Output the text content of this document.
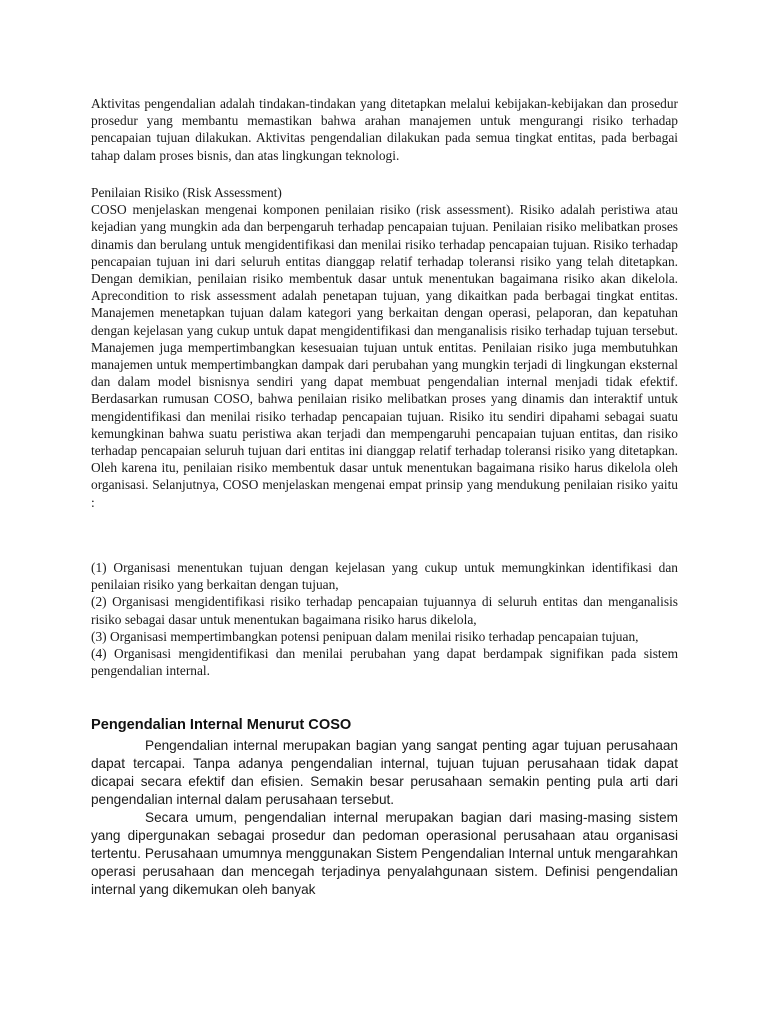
Aktivitas pengendalian adalah tindakan-tindakan yang ditetapkan melalui kebijakan-kebijakan dan prosedur prosedur yang membantu memastikan bahwa arahan manajemen untuk mengurangi risiko terhadap pencapaian tujuan dilakukan. Aktivitas pengendalian dilakukan pada semua tingkat entitas, pada berbagai tahap dalam proses bisnis, dan atas lingkungan teknologi.

Penilaian Risiko (Risk Assessment)
COSO menjelaskan mengenai komponen penilaian risiko (risk assessment). Risiko adalah peristiwa atau kejadian yang mungkin ada dan berpengaruh terhadap pencapaian tujuan. Penilaian risiko melibatkan proses dinamis dan berulang untuk mengidentifikasi dan menilai risiko terhadap pencapaian tujuan. Risiko terhadap pencapaian tujuan ini dari seluruh entitas dianggap relatif terhadap toleransi risiko yang telah ditetapkan. Dengan demikian, penilaian risiko membentuk dasar untuk menentukan bagaimana risiko akan dikelola. Aprecondition to risk assessment adalah penetapan tujuan, yang dikaitkan pada berbagai tingkat entitas. Manajemen menetapkan tujuan dalam kategori yang berkaitan dengan operasi, pelaporan, dan kepatuhan dengan kejelasan yang cukup untuk dapat mengidentifikasi dan menganalisis risiko terhadap tujuan tersebut. Manajemen juga mempertimbangkan kesesuaian tujuan untuk entitas. Penilaian risiko juga membutuhkan manajemen untuk mempertimbangkan dampak dari perubahan yang mungkin terjadi di lingkungan eksternal dan dalam model bisnisnya sendiri yang dapat membuat pengendalian internal menjadi tidak efektif. Berdasarkan rumusan COSO, bahwa penilaian risiko melibatkan proses yang dinamis dan interaktif untuk mengidentifikasi dan menilai risiko terhadap pencapaian tujuan. Risiko itu sendiri dipahami sebagai suatu kemungkinan bahwa suatu peristiwa akan terjadi dan mempengaruhi pencapaian tujuan entitas, dan risiko terhadap pencapaian seluruh tujuan dari entitas ini dianggap relatif terhadap toleransi risiko yang ditetapkan. Oleh karena itu, penilaian risiko membentuk dasar untuk menentukan bagaimana risiko harus dikelola oleh organisasi. Selanjutnya, COSO menjelaskan mengenai empat prinsip yang mendukung penilaian risiko yaitu :
(1) Organisasi menentukan tujuan dengan kejelasan yang cukup untuk memungkinkan identifikasi dan penilaian risiko yang berkaitan dengan tujuan,
(2) Organisasi mengidentifikasi risiko terhadap pencapaian tujuannya di seluruh entitas dan menganalisis risiko sebagai dasar untuk menentukan bagaimana risiko harus dikelola,
(3) Organisasi mempertimbangkan potensi penipuan dalam menilai risiko terhadap pencapaian tujuan,
(4) Organisasi mengidentifikasi dan menilai perubahan yang dapat berdampak signifikan pada sistem pengendalian internal.
Pengendalian Internal Menurut COSO

Pengendalian internal merupakan bagian yang sangat penting agar tujuan perusahaan dapat tercapai. Tanpa adanya pengendalian internal, tujuan tujuan perusahaan tidak dapat dicapai secara efektif dan efisien. Semakin besar perusahaan semakin penting pula arti dari pengendalian internal dalam perusahaan tersebut.

Secara umum, pengendalian internal merupakan bagian dari masing-masing sistem yang dipergunakan sebagai prosedur dan pedoman operasional perusahaan atau organisasi tertentu. Perusahaan umumnya menggunakan Sistem Pengendalian Internal untuk mengarahkan operasi perusahaan dan mencegah terjadinya penyalahgunaan sistem. Definisi pengendalian internal yang dikemukan oleh banyak
